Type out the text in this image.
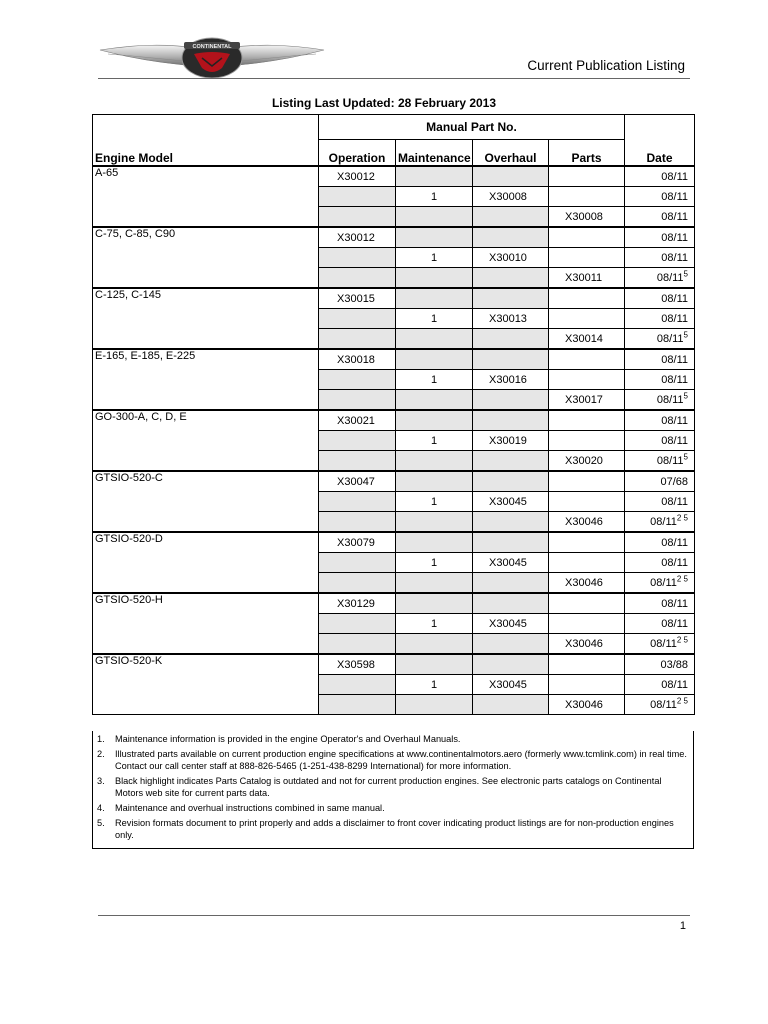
CONTINENTAL
Current Publication Listing
Listing Last Updated: 28 February 2013
	Manual Part No.				
Engine Model	Operation	Maintenance	Overhaul	Parts	Date
A-65	X30012				08/11
		1	X30008		08/11
				X30008	08/11
C-75, C-85, C90	X30012				08/11
		1	X30010		08/11
				X30011	$08/11^5$
C-125, C-145	X30015				08/11
		1	X30013		08/11
				X30014	$08/11^5$
E-165, E-185, E-225	X30018				08/11
		1	X30016		08/11
				X30017	$08/11^5$
GO-300-A, C, D, E	X30021				08/11
		1	X30019		08/11
				X30020	$08/11^5$
GTSIO-520-C	X30047				07/68
		1	X30045		08/11
				X30046	$08/11^{2 5}$
GTSIO-520-D	X30079				08/11
		1	X30045		08/11
				X30046	$08/11^{2 5}$
GTSIO-520-H	X30129				08/11
		1	X30045		08/11
				X30046	$08/11^{2 5}$
GTSIO-520-K	X30598				03/88
		1	X30045		08/11
				X30046	$08/11^{2 5}$
1.	Maintenance information is provided in the engine Operator's and Overhaul Manuals.
2.	Illustrated parts available on current production engine specifications at www.continentalmotors.aero (formerly www.tcmlink.com) in real time. Contact our call center staff at 888-826-5465 (1-251-438-8299 International) for more information.
3.	Black highlight indicates Parts Catalog is outdated and not for current production engines. See electronic parts catalogs on Continental Motors web site for current parts data.
4.	Maintenance and overhual instructions combined in same manual.
5.	Revision formats document to print properly and adds a disclaimer to front cover indicating product listings are for non-production engines only.
1
